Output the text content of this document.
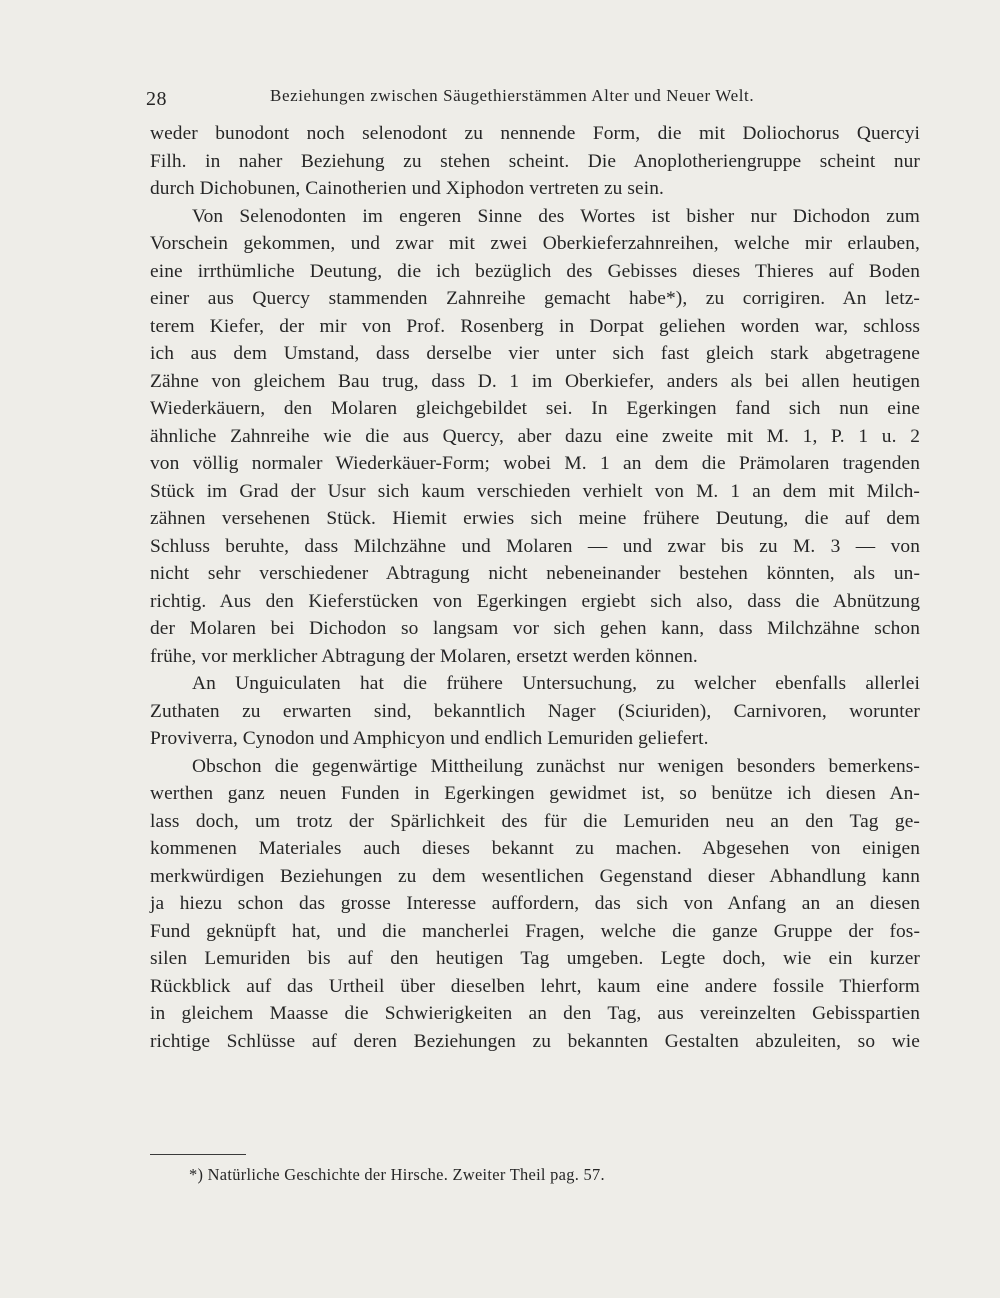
28	Beziehungen zwischen Säugethierstämmen Alter und Neuer Welt.
weder bunodont noch selenodont zu nennende Form, die mit Doliochorus Quercyi
Filh. in naher Beziehung zu stehen scheint. Die Anoplotheriengruppe scheint nur
durch Dichobunen, Cainotherien und Xiphodon vertreten zu sein.
Von Selenodonten im engeren Sinne des Wortes ist bisher nur Dichodon zum
Vorschein gekommen, und zwar mit zwei Oberkieferzahnreihen, welche mir erlauben,
eine irrthümliche Deutung, die ich bezüglich des Gebisses dieses Thieres auf Boden
einer aus Quercy stammenden Zahnreihe gemacht habe*), zu corrigiren. An letz-
terem Kiefer, der mir von Prof. Rosenberg in Dorpat geliehen worden war, schloss
ich aus dem Umstand, dass derselbe vier unter sich fast gleich stark abgetragene
Zähne von gleichem Bau trug, dass D. 1 im Oberkiefer, anders als bei allen heutigen
Wiederkäuern, den Molaren gleichgebildet sei. In Egerkingen fand sich nun eine
ähnliche Zahnreihe wie die aus Quercy, aber dazu eine zweite mit M. 1, P. 1 u. 2
von völlig normaler Wiederkäuer-Form; wobei M. 1 an dem die Prämolaren tragenden
Stück im Grad der Usur sich kaum verschieden verhielt von M. 1 an dem mit Milch-
zähnen versehenen Stück. Hiemit erwies sich meine frühere Deutung, die auf dem
Schluss beruhte, dass Milchzähne und Molaren — und zwar bis zu M. 3 — von
nicht sehr verschiedener Abtragung nicht nebeneinander bestehen könnten, als un-
richtig. Aus den Kieferstücken von Egerkingen ergiebt sich also, dass die Abnützung
der Molaren bei Dichodon so langsam vor sich gehen kann, dass Milchzähne schon
frühe, vor merklicher Abtragung der Molaren, ersetzt werden können.
An Unguiculaten hat die frühere Untersuchung, zu welcher ebenfalls allerlei
Zuthaten zu erwarten sind, bekanntlich Nager (Sciuriden), Carnivoren, worunter
Proviverra, Cynodon und Amphicyon und endlich Lemuriden geliefert.
Obschon die gegenwärtige Mittheilung zunächst nur wenigen besonders bemerkens-
werthen ganz neuen Funden in Egerkingen gewidmet ist, so benütze ich diesen An-
lass doch, um trotz der Spärlichkeit des für die Lemuriden neu an den Tag ge-
kommenen Materiales auch dieses bekannt zu machen. Abgesehen von einigen
merkwürdigen Beziehungen zu dem wesentlichen Gegenstand dieser Abhandlung kann
ja hiezu schon das grosse Interesse auffordern, das sich von Anfang an an diesen
Fund geknüpft hat, und die mancherlei Fragen, welche die ganze Gruppe der fos-
silen Lemuriden bis auf den heutigen Tag umgeben. Legte doch, wie ein kurzer
Rückblick auf das Urtheil über dieselben lehrt, kaum eine andere fossile Thierform
in gleichem Maasse die Schwierigkeiten an den Tag, aus vereinzelten Gebisspartien
richtige Schlüsse auf deren Beziehungen zu bekannten Gestalten abzuleiten, so wie
*) Natürliche Geschichte der Hirsche. Zweiter Theil pag. 57.
